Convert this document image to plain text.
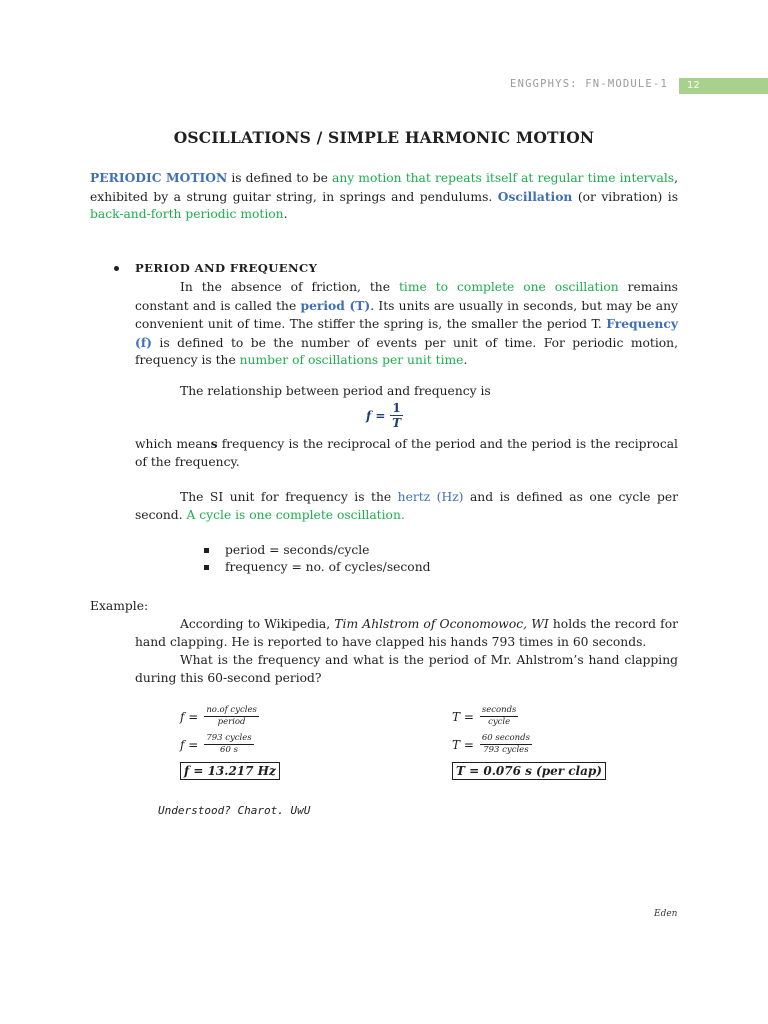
ENGGPHYS: FN-MODULE-1	12
OSCILLATIONS / SIMPLE HARMONIC MOTION
PERIODIC MOTION is defined to be any motion that repeats itself at regular time intervals, exhibited by a strung guitar string, in springs and pendulums. Oscillation (or vibration) is back-and-forth periodic motion.
PERIOD AND FREQUENCY
In the absence of friction, the time to complete one oscillation remains constant and is called the period (T). Its units are usually in seconds, but may be any convenient unit of time. The stiffer the spring is, the smaller the period T. Frequency (f) is defined to be the number of events per unit of time. For periodic motion, frequency is the number of oscillations per unit time.
The relationship between period and frequency is
$f = \frac{1}{T}$
which means frequency is the reciprocal of the period and the period is the reciprocal of the frequency.
The SI unit for frequency is the hertz (Hz) and is defined as one cycle per second. A cycle is one complete oscillation.
period = seconds/cycle
frequency = no. of cycles/second
Example:
According to Wikipedia, Tim Ahlstrom of Oconomowoc, WI holds the record for hand clapping. He is reported to have clapped his hands 793 times in 60 seconds.
What is the frequency and what is the period of Mr. Ahlstrom’s hand clapping during this 60-second period?
f = no.of cycles
period
f = 793 cycles
60 s
f = 13.217 Hz
T = seconds
cycle
T = 60 seconds
793 cycles
T = 0.076 s (per clap)
Understood? Charot. UwU
Eden
